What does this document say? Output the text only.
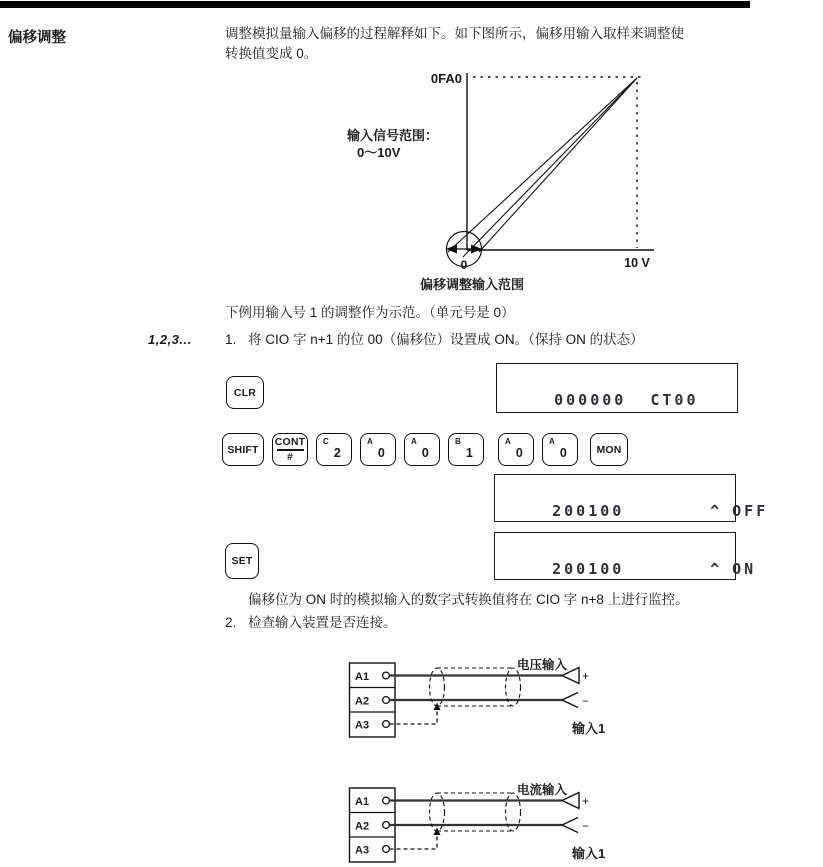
偏移调整	调整模拟量输入偏移的过程解释如下。如下图所示，偏移用输入取样来调整使
转换值变成 0。
0FA0
0	10 V
输入信号范围：
0～10V
偏移调整输入范围
下例用输入号 1 的调整作为示范。（单元号是 0）
1,2,3...	1. 将 CIO 字 n+1 的位 00（偏移位）设置成 ON。（保持 ON 的状态）
CLR	000000  CT00

SHIFT $\frac{\text{CONT}}{\#}$ C
2
A
0
A
0
B
1
A
0
A
0	MON

200100	^ OFF

200100	^ ON

SET
偏移位为 ON 时的模拟输入的数字式转换值将在 CIO 字 n+8 上进行监控。
2. 检查输入装置是否连接。
A1
A2
A3
电压输入
+
−
输入1
A1
A2
A3
电流输入
+
−
输入1
